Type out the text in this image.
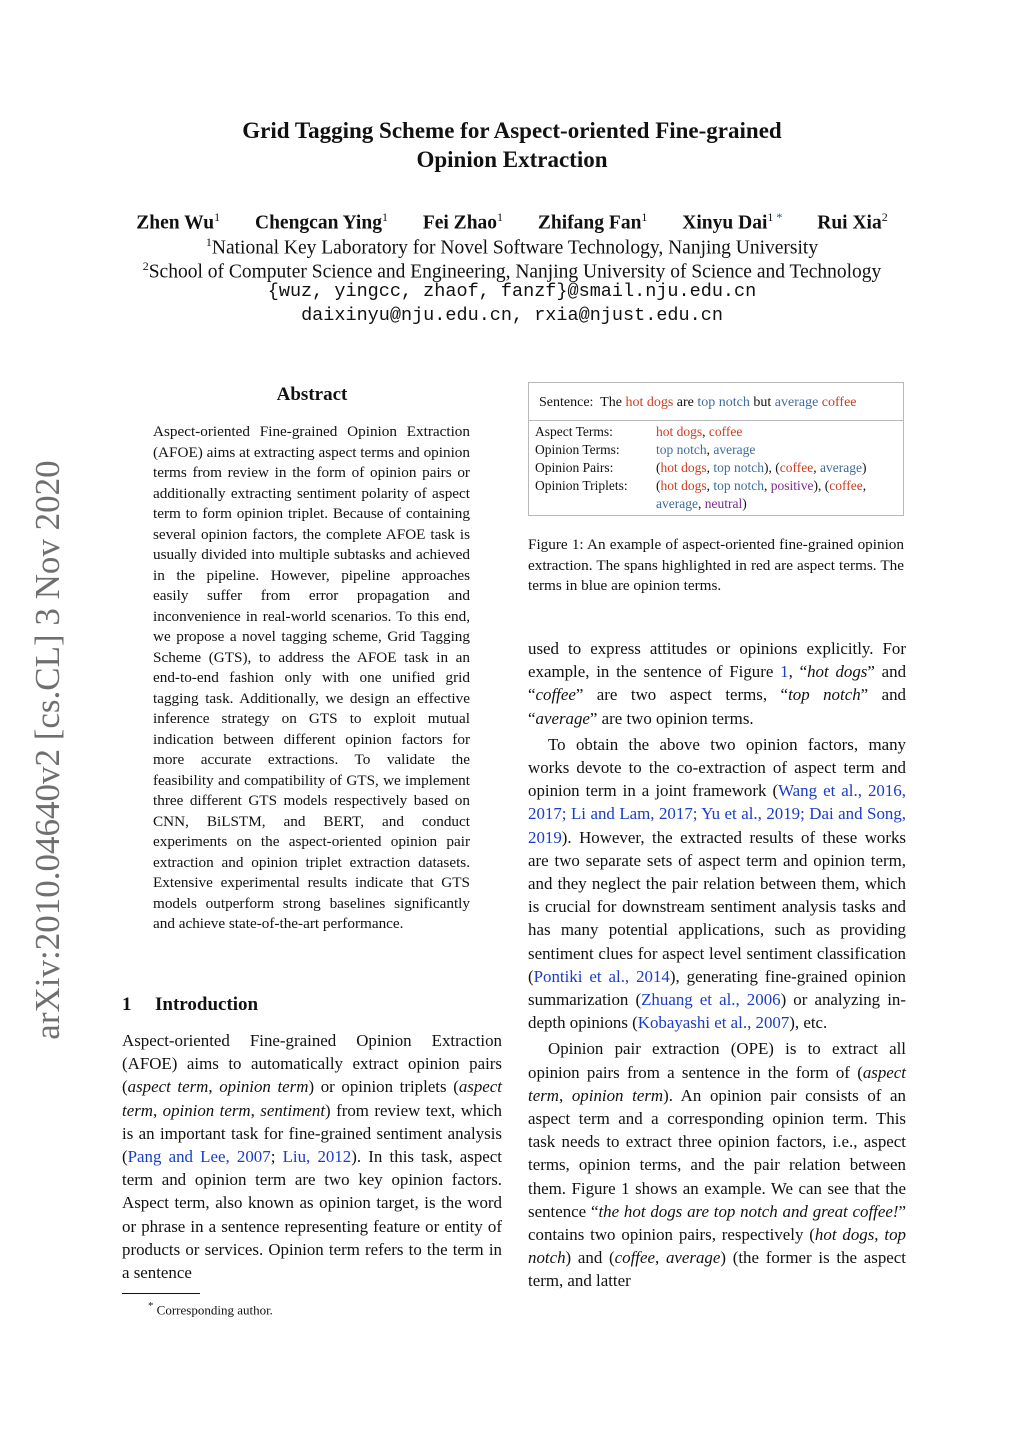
arXiv:2010.04640v2 [cs.CL] 3 Nov 2020
Grid Tagging Scheme for Aspect-oriented Fine-grained
Opinion Extraction
Zhen Wu$^1$ Chengcan Ying$^1$ Fei Zhao$^1$ Zhifang Fan$^1$ Xinyu Dai$^1$ * Rui Xia$^2$
$^1$National Key Laboratory for Novel Software Technology, Nanjing University
$^2$School of Computer Science and Engineering, Nanjing University of Science and Technology
{wuz, yingcc, zhaof, fanzf}@smail.nju.edu.cn
daixinyu@nju.edu.cn, rxia@njust.edu.cn
Abstract
Aspect-oriented Fine-grained Opinion Extraction (AFOE) aims at extracting aspect terms and opinion terms from review in the form of opinion pairs or additionally extracting sentiment polarity of aspect term to form opinion triplet. Because of containing several opinion factors, the complete AFOE task is usually divided into multiple subtasks and achieved in the pipeline. However, pipeline approaches easily suffer from error propagation and inconvenience in real-world scenarios. To this end, we propose a novel tagging scheme, Grid Tagging Scheme (GTS), to address the AFOE task in an end-to-end fashion only with one unified grid tagging task. Additionally, we design an effective inference strategy on GTS to exploit mutual indication between different opinion factors for more accurate extractions. To validate the feasibility and compatibility of GTS, we implement three different GTS models respectively based on CNN, BiLSTM, and BERT, and conduct experiments on the aspect-oriented opinion pair extraction and opinion triplet extraction datasets. Extensive experimental results indicate that GTS models outperform strong baselines significantly and achieve state-of-the-art performance.
1 Introduction

Aspect-oriented Fine-grained Opinion Extraction (AFOE) aims to automatically extract opinion pairs (aspect term, opinion term) or opinion triplets (aspect term, opinion term, sentiment) from review text, which is an important task for fine-grained sentiment analysis (Pang and Lee, 2007; Liu, 2012). In this task, aspect term and opinion term are two key opinion factors. Aspect term, also known as opinion target, is the word or phrase in a sentence representing feature or entity of products or services. Opinion term refers to the term in a sentence

* Corresponding author.
Sentence: The hot dogs are top notch but average coffee
Aspect Terms:	hot dogs, coffee
Opinion Terms:	top notch, average
Opinion Pairs:	(hot dogs, top notch), (coffee, average)
Opinion Triplets: (hot dogs, top notch, positive), (coffee,
average, neutral)
Figure 1: An example of aspect-oriented fine-grained opinion extraction. The spans highlighted in red are aspect terms. The terms in blue are opinion terms.

used to express attitudes or opinions explicitly. For example, in the sentence of Figure 1, “hot dogs” and “coffee” are two aspect terms, “top notch” and “average” are two opinion terms.

To obtain the above two opinion factors, many works devote to the co-extraction of aspect term and opinion term in a joint framework (Wang et al., 2016, 2017; Li and Lam, 2017; Yu et al., 2019; Dai and Song, 2019). However, the extracted results of these works are two separate sets of aspect term and opinion term, and they neglect the pair relation between them, which is crucial for downstream sentiment analysis tasks and has many potential applications, such as providing sentiment clues for aspect level sentiment classification (Pontiki et al., 2014), generating fine-grained opinion summarization (Zhuang et al., 2006) or analyzing in-depth opinions (Kobayashi et al., 2007), etc.

Opinion pair extraction (OPE) is to extract all opinion pairs from a sentence in the form of (aspect term, opinion term). An opinion pair consists of an aspect term and a corresponding opinion term. This task needs to extract three opinion factors, i.e., aspect terms, opinion terms, and the pair relation between them. Figure 1 shows an example. We can see that the sentence “the hot dogs are top notch and great coffee!” contains two opinion pairs, respectively (hot dogs, top notch) and (coffee, average) (the former is the aspect term, and latter
